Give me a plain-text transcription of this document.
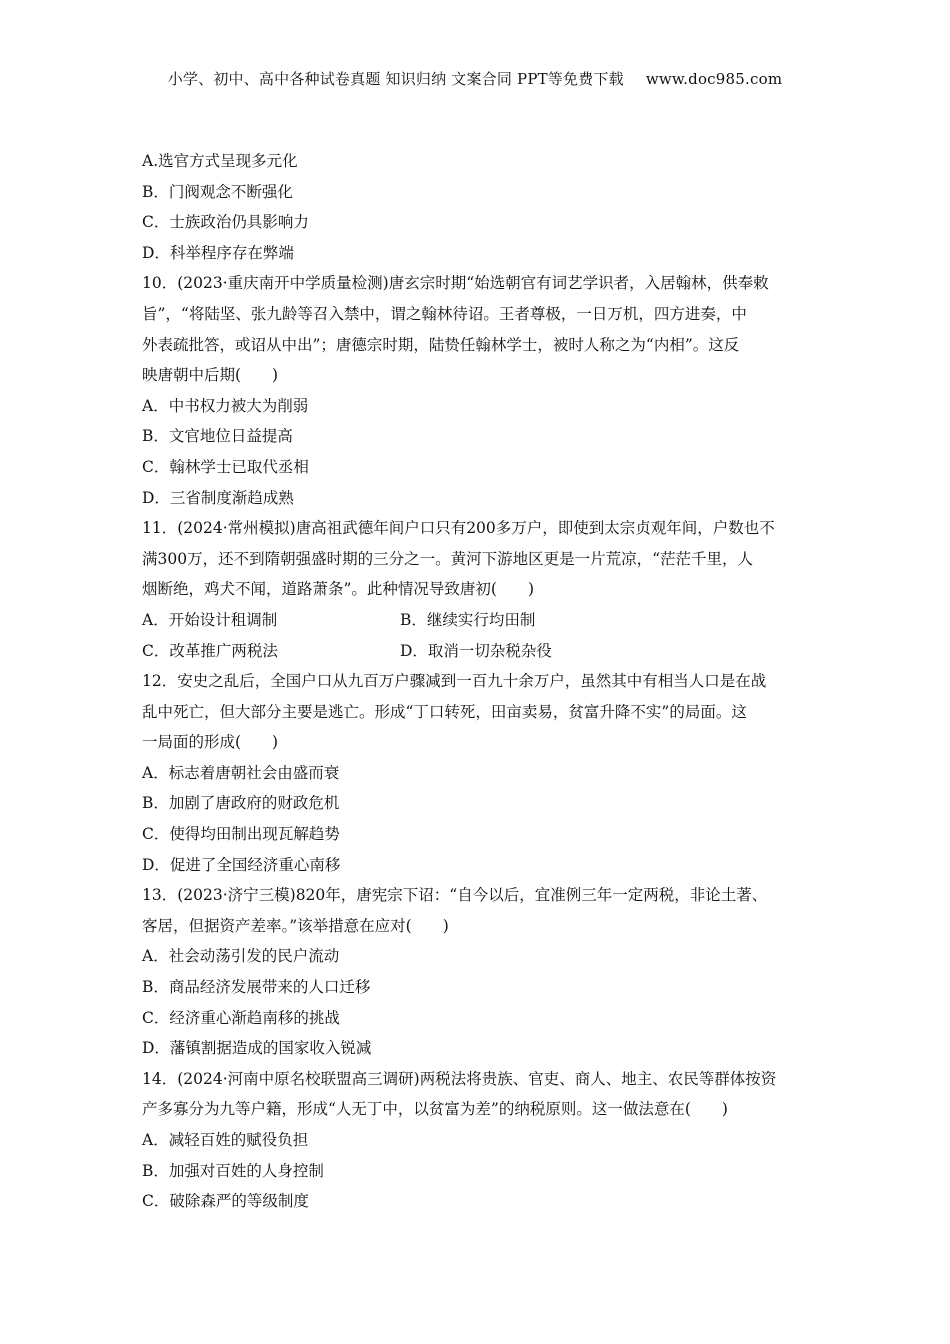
小学、初中、高中各种试卷真题 知识归纳 文案合同 PPT等免费下载 www.doc985.com
A.选官方式呈现多元化
B．门阀观念不断强化
C．士族政治仍具影响力
D．科举程序存在弊端
10．(2023·重庆南开中学质量检测)唐玄宗时期“始选朝官有词艺学识者，入居翰林，供奉敕
旨”，“将陆坚、张九龄等召入禁中，谓之翰林待诏。王者尊极，一日万机，四方进奏，中
外表疏批答，或诏从中出”；唐德宗时期，陆贽任翰林学士，被时人称之为“内相”。这反
映唐朝中后期(　　)
A．中书权力被大为削弱
B．文官地位日益提高
C．翰林学士已取代丞相
D．三省制度渐趋成熟
11．(2024·常州模拟)唐高祖武德年间户口只有200多万户，即使到太宗贞观年间，户数也不
满300万，还不到隋朝强盛时期的三分之一。黄河下游地区更是一片荒凉，“茫茫千里，人
烟断绝，鸡犬不闻，道路萧条”。此种情况导致唐初(　　)
A．开始设计租调制	B．继续实行均田制
C．改革推广两税法	D．取消一切杂税杂役
12．安史之乱后，全国户口从九百万户骤减到一百九十余万户，虽然其中有相当人口是在战
乱中死亡，但大部分主要是逃亡。形成“丁口转死，田亩卖易，贫富升降不实”的局面。这
一局面的形成(　　)
A．标志着唐朝社会由盛而衰
B．加剧了唐政府的财政危机
C．使得均田制出现瓦解趋势
D．促进了全国经济重心南移
13．(2023·济宁三模)820年，唐宪宗下诏：“自今以后，宜准例三年一定两税，非论土著、
客居，但据资产差率。”该举措意在应对(　　)
A．社会动荡引发的民户流动
B．商品经济发展带来的人口迁移
C．经济重心渐趋南移的挑战
D．藩镇割据造成的国家收入锐减
14．(2024·河南中原名校联盟高三调研)两税法将贵族、官吏、商人、地主、农民等群体按资
产多寡分为九等户籍，形成“人无丁中，以贫富为差”的纳税原则。这一做法意在(　　)
A．减轻百姓的赋役负担
B．加强对百姓的人身控制
C．破除森严的等级制度
